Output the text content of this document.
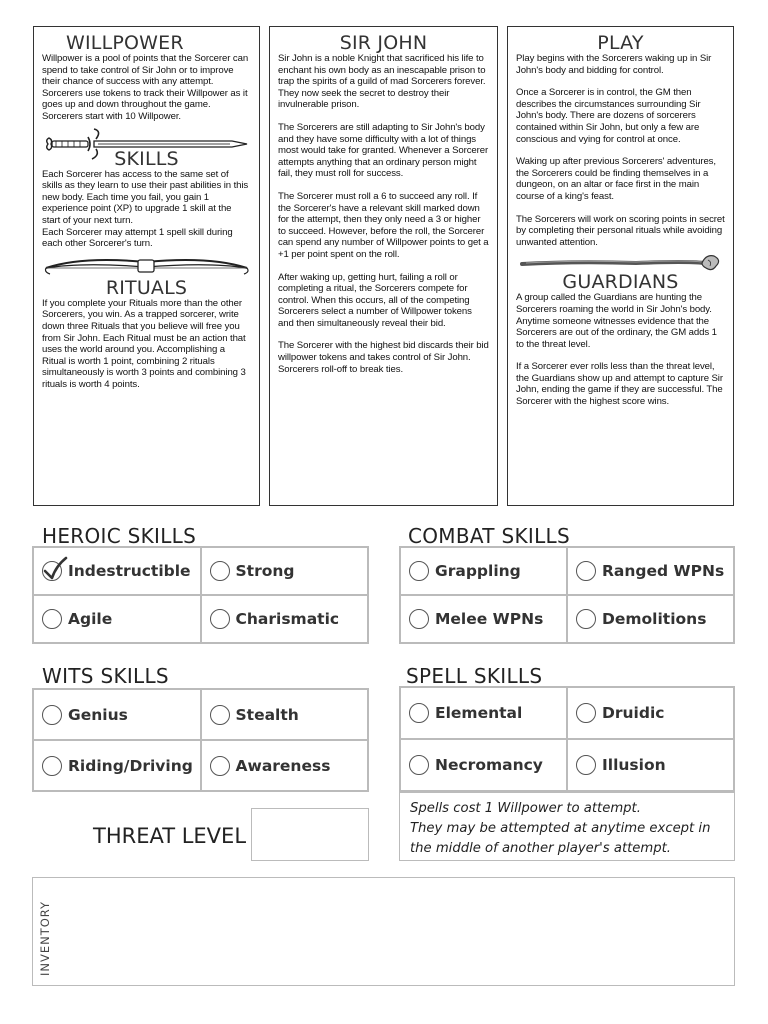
WILLPOWER
Willpower is a pool of points that the Sorcerer can spend to take control of Sir John or to improve their chance of success with any attempt. Sorcerers use tokens to track their Willpower as it goes up and down throughout the game. Sorcerers start with 10 Willpower.
SKILLS
Each Sorcerer has access to the same set of skills as they learn to use their past abilities in this new body. Each time you fail, you gain 1 experience point (XP) to upgrade 1 skill at the start of your next turn.
Each Sorcerer may attempt 1 spell skill during each other Sorcerer's turn.
RITUALS
If you complete your Rituals more than the other Sorcerers, you win. As a trapped sorcerer, write down three Rituals that you believe will free you from Sir John. Each Ritual must be an action that uses the world around you. Accomplishing a Ritual is worth 1 point, combining 2 rituals simultaneously is worth 3 points and combining 3 rituals is worth 4 points.
SIR JOHN
Sir John is a noble Knight that sacrificed his life to enchant his own body as an inescapable prison to trap the spirits of a guild of mad Sorcerers forever. They now seek the secret to destroy their invulnerable prison.
The Sorcerers are still adapting to Sir John's body and they have some difficulty with a lot of things most would take for granted. Whenever a Sorcerer attempts anything that an ordinary person might fail, they must roll for success.
The Sorcerer must roll a 6 to succeed any roll. If the Sorcerer's have a relevant skill marked down for the attempt, then they only need a 3 or higher to succeed. However, before the roll, the Sorcerer can spend any number of Willpower points to get a +1 per point spent on the roll.
After waking up, getting hurt, failing a roll or completing a ritual, the Sorcerers compete for control. When this occurs, all of the competing Sorcerers select a number of Willpower tokens and then simultaneously reveal their bid.
The Sorcerer with the highest bid discards their bid willpower tokens and takes control of Sir John. Sorcerers roll-off to break ties.
PLAY
Play begins with the Sorcerers waking up in Sir John's body and bidding for control.
Once a Sorcerer is in control, the GM then describes the circumstances surrounding Sir John's body. There are dozens of sorcerers contained within Sir John, but only a few are conscious and vying for control at once.
Waking up after previous Sorcerers' adventures, the Sorcerers could be finding themselves in a dungeon, on an altar or face first in the main course of a king's feast.
The Sorcerers will work on scoring points in secret by completing their personal rituals while avoiding unwanted attention.
GUARDIANS
A group called the Guardians are hunting the Sorcerers roaming the world in Sir John's body. Anytime someone witnesses evidence that the Sorcerers are out of the ordinary, the GM adds 1 to the threat level.
If a Sorcerer ever rolls less than the threat level, the Guardians show up and attempt to capture Sir John, ending the game if they are successful. The Sorcerer with the highest score wins.
HEROIC SKILLS
Indestructible	Strong
Agile	Charismatic
COMBAT SKILLS
Grappling	Ranged WPNs
Melee WPNs	Demolitions
WITS SKILLS
Genius	Stealth
Riding/Driving	Awareness
SPELL SKILLS
Elemental	Druidic
Necromancy	Illusion
Spells cost 1 Willpower to attempt.
They may be attempted at anytime except in the middle of another player's attempt.
THREAT LEVEL
INVENTORY
